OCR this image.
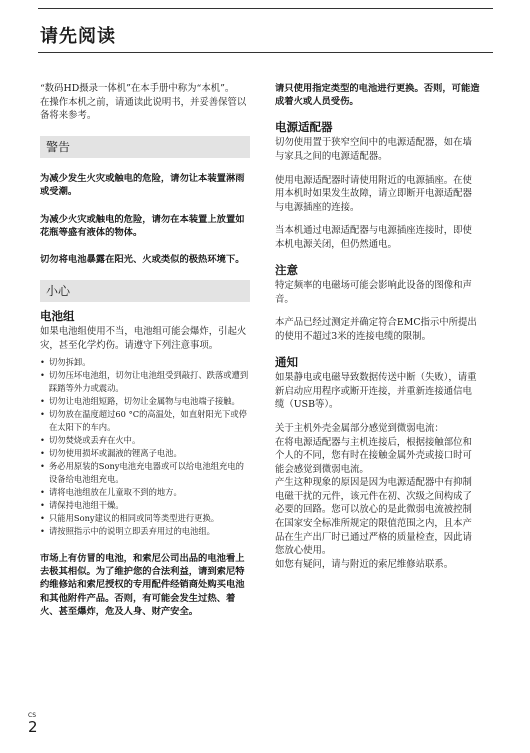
请先阅读

“数码HD摄录一体机”在本手册中称为“本机”。

在操作本机之前，请通读此说明书，并妥善保管以备将来参考。

警告

为减少发生火灾或触电的危险，请勿让本装置淋雨或受潮。

为减少火灾或触电的危险，请勿在本装置上放置如花瓶等盛有液体的物体。

切勿将电池暴露在阳光、火或类似的极热环境下。

小心
电池组

如果电池组使用不当，电池组可能会爆炸，引起火灾，甚至化学灼伤。请遵守下列注意事项。

• 切勿拆卸。
• 切勿压坏电池组，切勿让电池组受到敲打、跌落或遭到踩踏等外力或震动。
• 切勿让电池组短路，切勿让金属物与电池端子接触。
• 切勿放在温度超过60 °C的高温处，如直射阳光下或停在太阳下的车内。
• 切勿焚烧或丢弃在火中。
• 切勿使用损坏或漏液的锂离子电池。
• 务必用原装的Sony电池充电器或可以给电池组充电的设备给电池组充电。
• 请将电池组放在儿童取不到的地方。
• 请保持电池组干燥。
• 只能用Sony建议的相同或同等类型进行更换。
• 请按照指示中的说明立即丢弃用过的电池组。

市场上有仿冒的电池，和索尼公司出品的电池看上去极其相似。为了维护您的合法利益，请到索尼特约维修站和索尼授权的专用配件经销商处购买电池和其他附件产品。否则，有可能会发生过热、着火、甚至爆炸，危及人身、财产安全。

请只使用指定类型的电池进行更换。否则，可能造成着火或人员受伤。

电源适配器

切勿使用置于狭窄空间中的电源适配器，如在墙与家具之间的电源适配器。

使用电源适配器时请使用附近的电源插座。在使用本机时如果发生故障，请立即断开电源适配器与电源插座的连接。

当本机通过电源适配器与电源插座连接时，即使本机电源关闭，但仍然通电。

注意

特定频率的电磁场可能会影响此设备的图像和声音。

本产品已经过测定并确定符合EMC指示中所提出的使用不超过3米的连接电缆的限制。

通知

如果静电或电磁导致数据传送中断（失败），请重新启动应用程序或断开连接，并重新连接通信电缆（USB等）。

关于主机外壳金属部分感觉到微弱电流：

在将电源适配器与主机连接后，根据接触部位和个人的不同，您有时在接触金属外壳或接口时可能会感觉到微弱电流。

产生这种现象的原因是因为电源适配器中有抑制电磁干扰的元件，该元件在初、次级之间构成了必要的回路。您可以放心的是此微弱电流被控制在国家安全标准所规定的限值范围之内，且本产品在生产出厂时已通过严格的质量检查，因此请您放心使用。

如您有疑问，请与附近的索尼维修站联系。

CS
2
